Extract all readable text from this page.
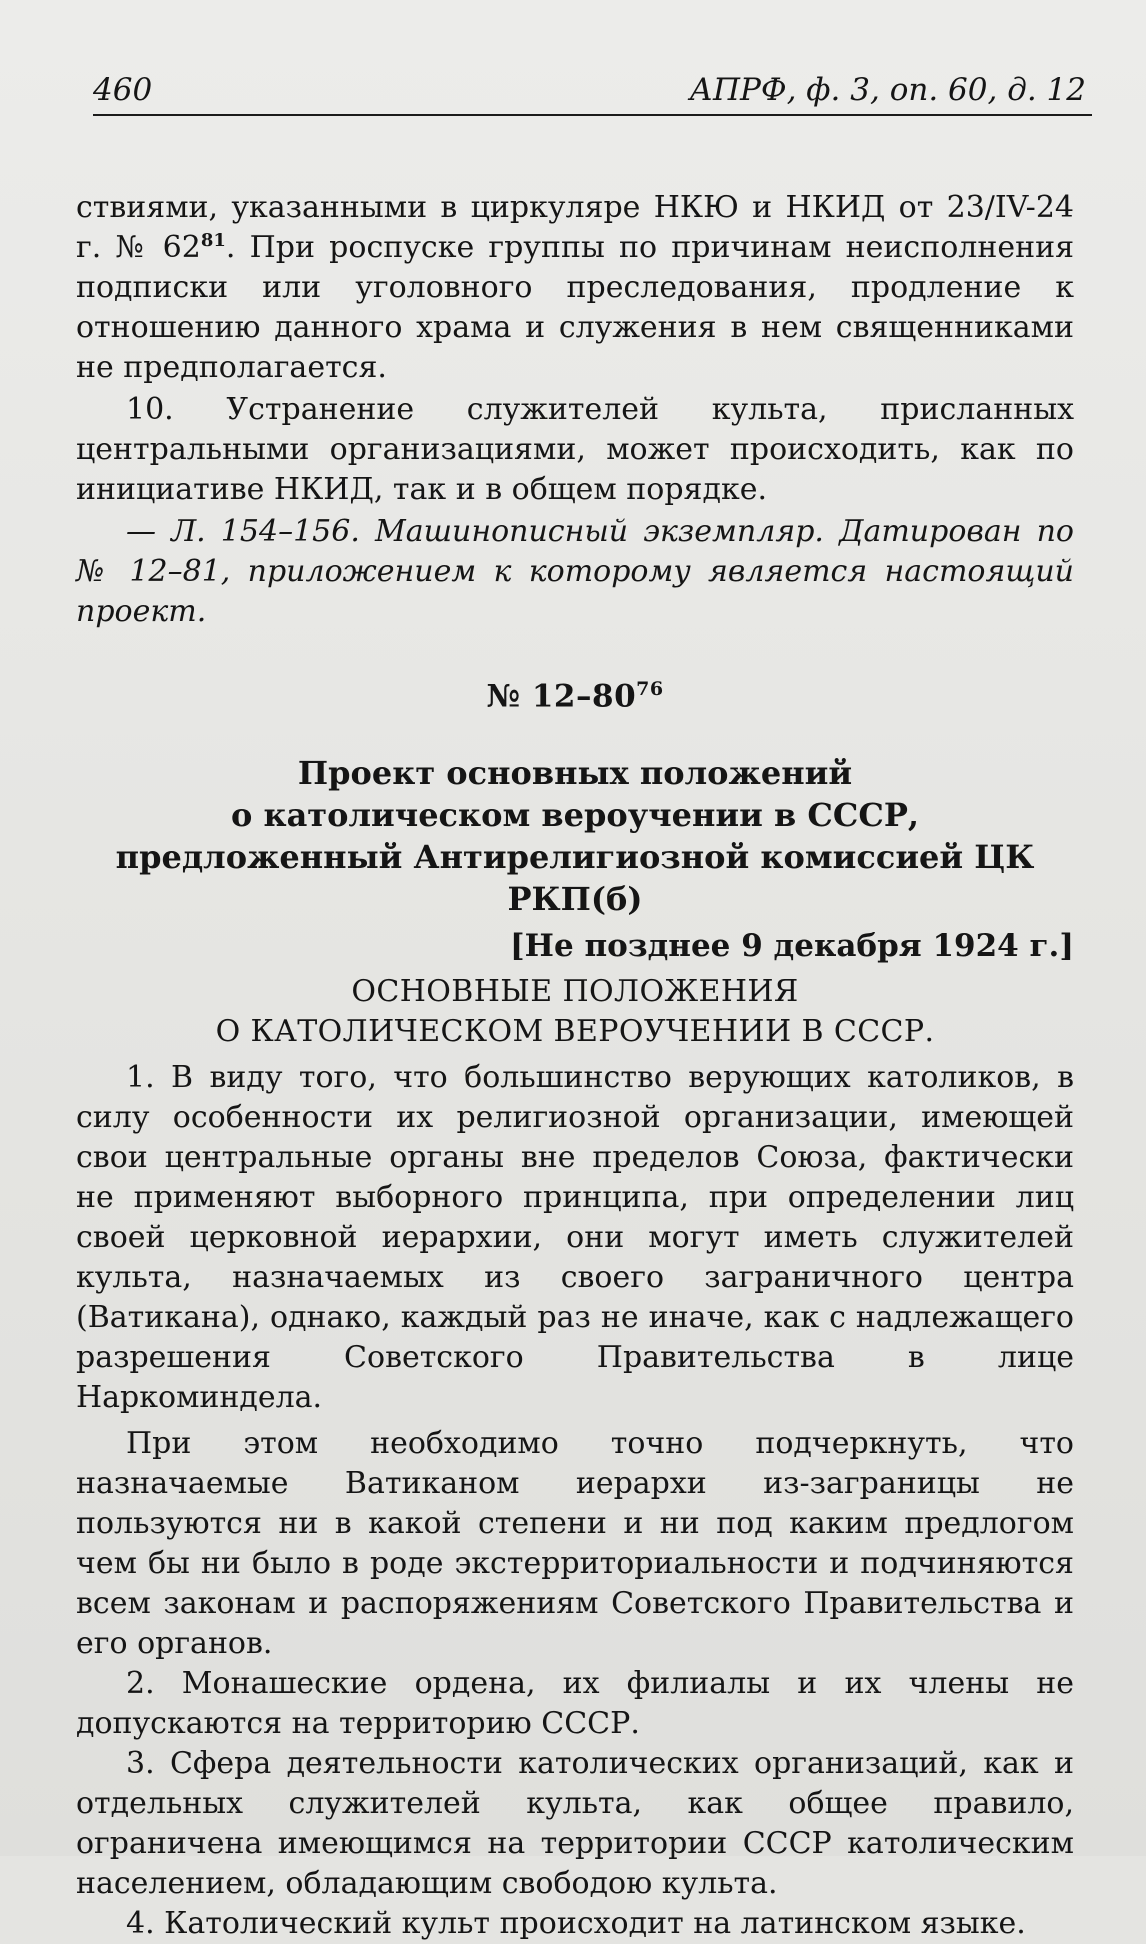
460	АПРФ, ф. 3, оп. 60, д. 12

ствиями, указанными в циркуляре НКЮ и НКИД от 23/IV-24 г. № 62$^{81}$. При роспуске группы по причинам неисполнения подписки или уголовного преследования, продление к отношению данного храма и служения в нем священниками не предполагается.

10. Устранение служителей культа, присланных центральными организациями, может происходить, как по инициативе НКИД, так и в общем порядке.

— Л. 154–156. Машинописный экземпляр. Датирован по № 12–81, приложением к которому является настоящий проект.

№ $12-80^{76}$
Проект основных положений
о католическом вероучении в СССР,
предложенный Антирелигиозной комиссией ЦК РКП(б)
[Не позднее 9 декабря 1924 г.]
ОСНОВНЫЕ ПОЛОЖЕНИЯ
О КАТОЛИЧЕСКОМ ВЕРОУЧЕНИИ В СССР.

1. В виду того, что большинство верующих католиков, в силу особенности их религиозной организации, имеющей свои центральные органы вне пределов Союза, фактически не применяют выборного принципа, при определении лиц своей церковной иерархии, они могут иметь служителей культа, назначаемых из своего заграничного центра (Ватикана), однако, каждый раз не иначе, как с надлежащего разрешения Советского Правительства в лице Наркоминдела.

При этом необходимо точно подчеркнуть, что назначаемые Ватиканом иерархи из-заграницы не пользуются ни в какой степени и ни под каким предлогом чем бы ни было в роде экстерриториальности и подчиняются всем законам и распоряжениям Советского Правительства и его органов.

2. Монашеские ордена, их филиалы и их члены не допускаются на территорию СССР.

3. Сфера деятельности католических организаций, как и отдельных служителей культа, как общее правило, ограничена имеющимся на территории СССР католическим населением, обладающим свободою культа.

4. Католический культ происходит на латинском языке.
